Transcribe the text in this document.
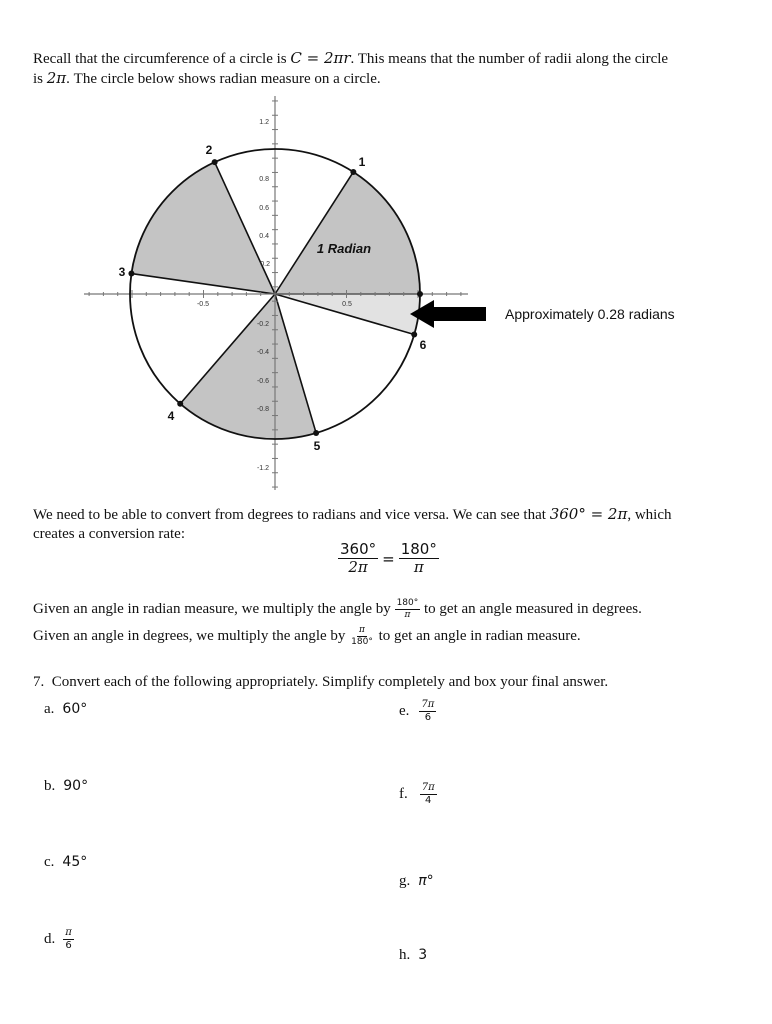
Recall that the circumference of a circle is C = 2πr. This means that the number of radii along the circle
is 2π. The circle below shows radian measure on a circle.
-0.5	0.5
1.2
0.8
0.6
0.4
0.2
-0.2
-0.4
-0.6
-0.8
-1.2
1
2
3
4
5
6
1 Radian
Approximately 0.28 radians
We need to be able to convert from degrees to radians and vice versa. We can see that 360° = 2π, which
creates a conversion rate:
$\frac{360^\circ}{2\pi} = \frac{180^\circ}{\pi}$
Given an angle in radian measure, we multiply the angle by $\frac{180^\circ}{\pi}$ to get an angle measured in degrees.
Given an angle in degrees, we multiply the angle by $\frac{\pi}{180^\circ}$ to get an angle in radian measure.
7. Convert each of the following appropriately. Simplify completely and box your final answer.
a. 60°
b. 90°
c. 45°
d. $\frac{\pi}{6}$
e. $\frac{7\pi}{6}$
f. $\frac{7\pi}{4}$
g. π°
h. 3
